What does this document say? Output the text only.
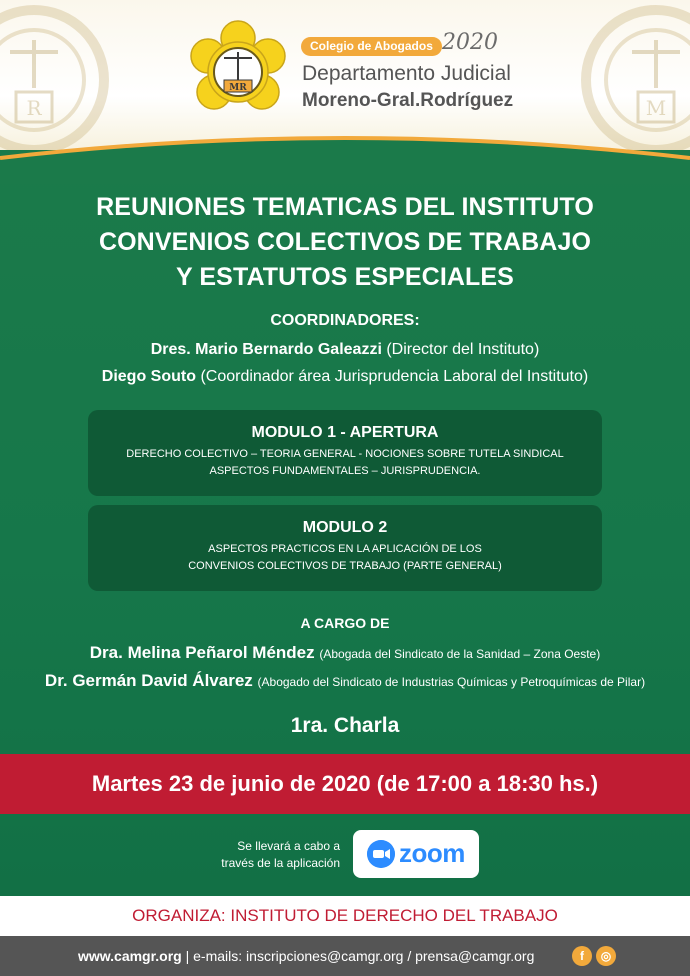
R	M
MR
Colegio de Abogados 2020
Departamento Judicial
Moreno-Gral.Rodríguez
REUNIONES TEMATICAS DEL INSTITUTO
CONVENIOS COLECTIVOS DE TRABAJO
Y ESTATUTOS ESPECIALES
COORDINADORES:
Dres. Mario Bernardo Galeazzi (Director del Instituto)
Diego Souto (Coordinador área Jurisprudencia Laboral del Instituto)
MODULO 1 - APERTURA
DERECHO COLECTIVO – TEORIA GENERAL - NOCIONES SOBRE TUTELA SINDICAL
ASPECTOS FUNDAMENTALES – JURISPRUDENCIA.
MODULO 2
ASPECTOS PRACTICOS EN LA APLICACIÓN DE LOS
CONVENIOS COLECTIVOS DE TRABAJO (PARTE GENERAL)
A CARGO DE
Dra. Melina Peñarol Méndez (Abogada del Sindicato de la Sanidad – Zona Oeste)
Dr. Germán David Álvarez (Abogado del Sindicato de Industrias Químicas y Petroquímicas de Pilar)
1ra. Charla
Martes 23 de junio de 2020 (de 17:00 a 18:30 hs.)
Se llevará a cabo a
través de la aplicación zoom
ORGANIZA: INSTITUTO DE DERECHO DEL TRABAJO
www.camgr.org | e-mails: inscripciones@camgr.org / prensa@camgr.org	f	◎
